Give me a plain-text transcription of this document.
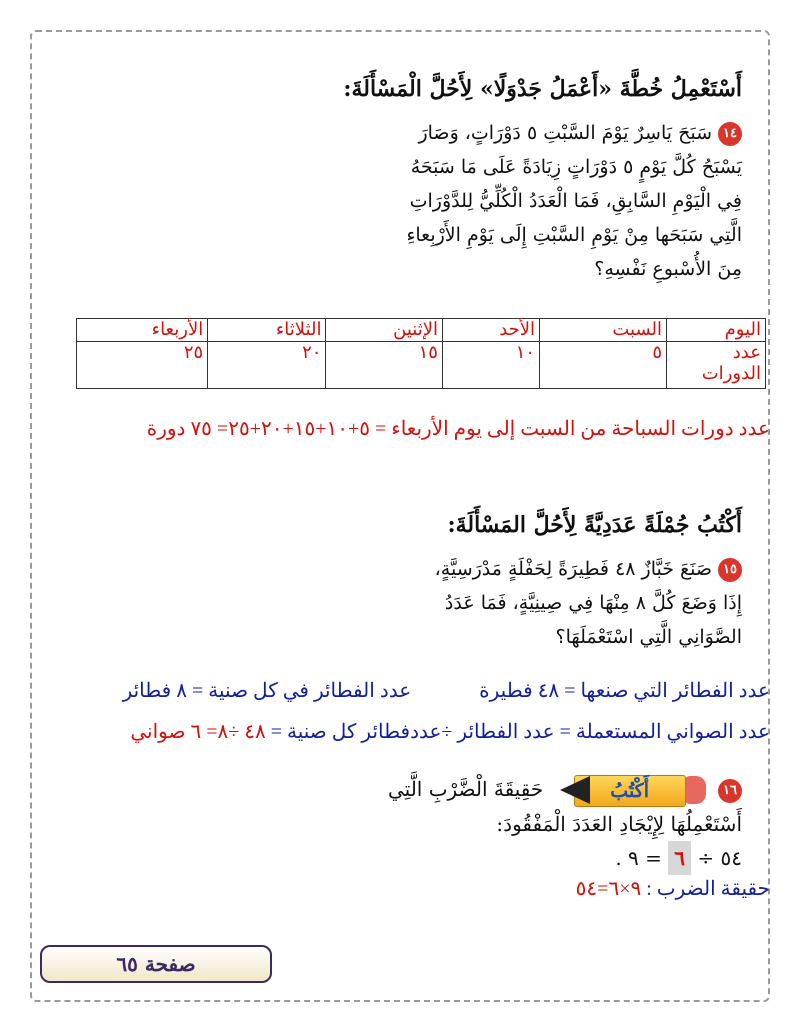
أَسْتَعْمِلُ خُطَّةَ «أَعْمَلُ جَدْوَلًا» لِأَحُلَّ الْمَسْأَلَةَ:
١٤سَبَحَ يَاسِرٌ يَوْمَ السَّبْتِ ٥ دَوْرَاتٍ، وَصَارَ
يَسْبَحُ كُلَّ يَوْمٍ ٥ دَوْرَاتٍ زِيَادَةً عَلَى مَا سَبَحَهُ
فِي الْيَوْمِ السَّابِقِ، فَمَا الْعَدَدُ الْكُلِّيُّ لِلدَّوْرَاتِ
الَّتِي سَبَحَها مِنْ يَوْمِ السَّبْتِ إِلَى يَوْمِ الأَرْبِعاءِ
مِنَ الأُسْبوعِ نَفْسِهِ؟
اليوم	السبت	الأحد	الإثنين	الثلاثاء	الأربعاء
عدد الدورات	٥	١٠	١٥	٢٠	٢٥
عدد دورات السباحة من السبت إلى يوم الأربعاء = ٥+١٠+١٥+٢٠+٢٥= ٧٥ دورة
أَكْتُبُ جُمْلَةً عَدَدِيَّةً لِأَحُلَّ المَسْأَلَةَ:
١٥صَنَعَ خَبَّازٌ ٤٨ فَطِيرَةً لِحَفْلَةٍ مَدْرَسِيَّةٍ،
إِذَا وَضَعَ كُلَّ ٨ مِنْهَا فِي صِينِيَّةٍ، فَمَا عَدَدُ
الصَّوَانِي الَّتِي اسْتَعْمَلَهَا؟
عدد الفطائر التي صنعها = ٤٨ فطيرة  عدد الفطائر في كل صنية = ٨ فطائر
عدد الصواني المستعملة = عدد الفطائر ÷عددفطائر كل صنية = ٤٨ ÷٨= ٦ صواني
١٦
أَكْتُبُ
حَقِيقَةَ الْضَّرْبِ الَّتِي
أَسْتَعْمِلُهَا لِإِيْجَادِ العَدَدَ الْمَفْقُودَ:
٥٤ ÷ ٦ = ٩ .
حقيقة الضرب : ٩×٦=٥٤
صفحة ٦٥
